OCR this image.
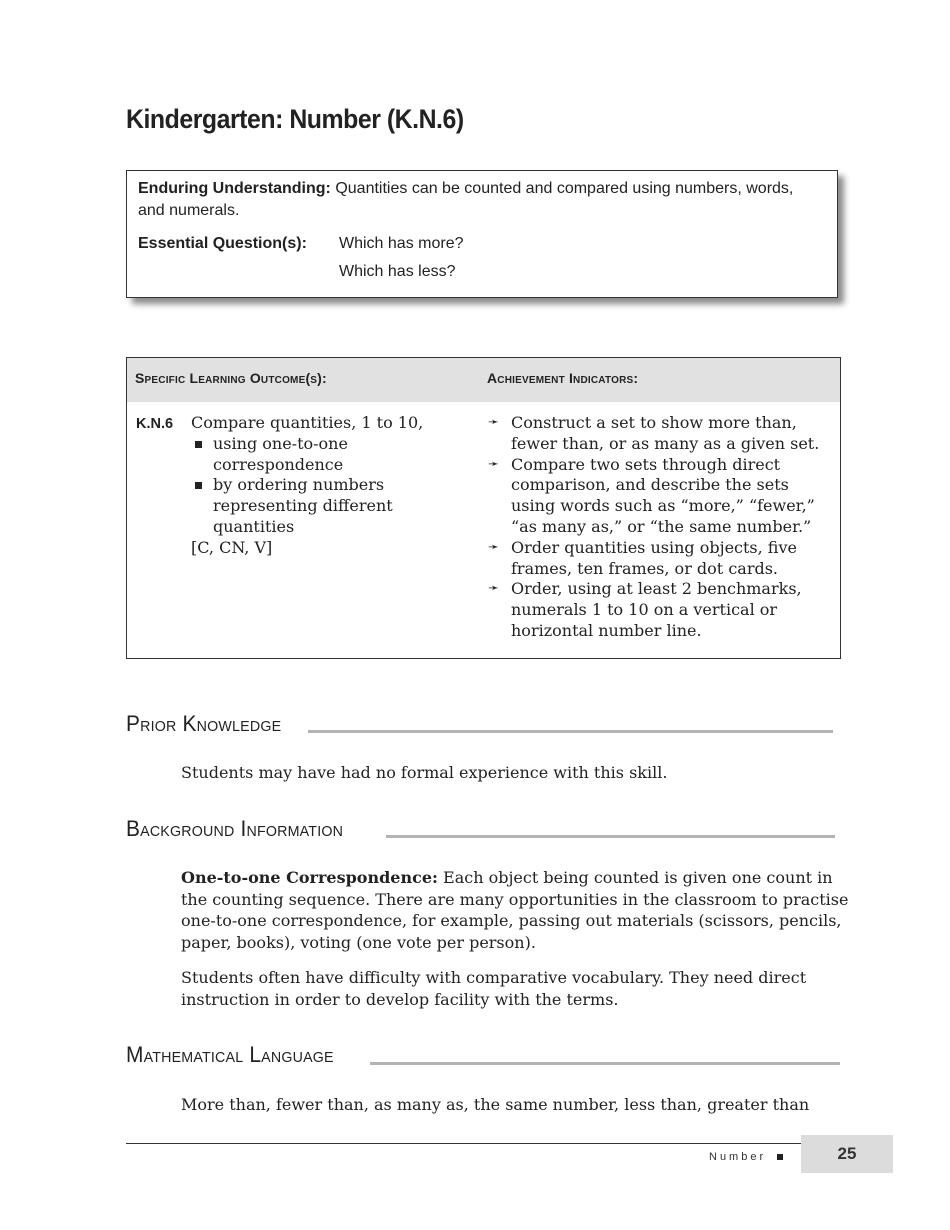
Kindergarten: Number (K.N.6)
Enduring Understanding: Quantities can be counted and compared using numbers, words, and numerals.
Essential Question(s): Which has more?
Which has less?
Specific Learning Outcome(s):	Achievement Indicators:
K.N.6 Compare quantities, 1 to 10,
using one-to-one correspondence
by ordering numbers representing different quantities
[C, CN, V]
➛ Construct a set to show more than, fewer than, or as many as a given set.
➛ Compare two sets through direct comparison, and describe the sets using words such as “more,” “fewer,” “as many as,” or “the same number.”
➛ Order quantities using objects, five frames, ten frames, or dot cards.
➛ Order, using at least 2 benchmarks, numerals 1 to 10 on a vertical or horizontal number line.
Prior Knowledge
Students may have had no formal experience with this skill.
Background Information
One-to-one Correspondence: Each object being counted is given one count in the counting sequence. There are many opportunities in the classroom to practise one-to-one correspondence, for example, passing out materials (scissors, pencils, paper, books), voting (one vote per person).
Students often have difficulty with comparative vocabulary. They need direct instruction in order to develop facility with the terms.
Mathematical Language
More than, fewer than, as many as, the same number, less than, greater than
Number	25
